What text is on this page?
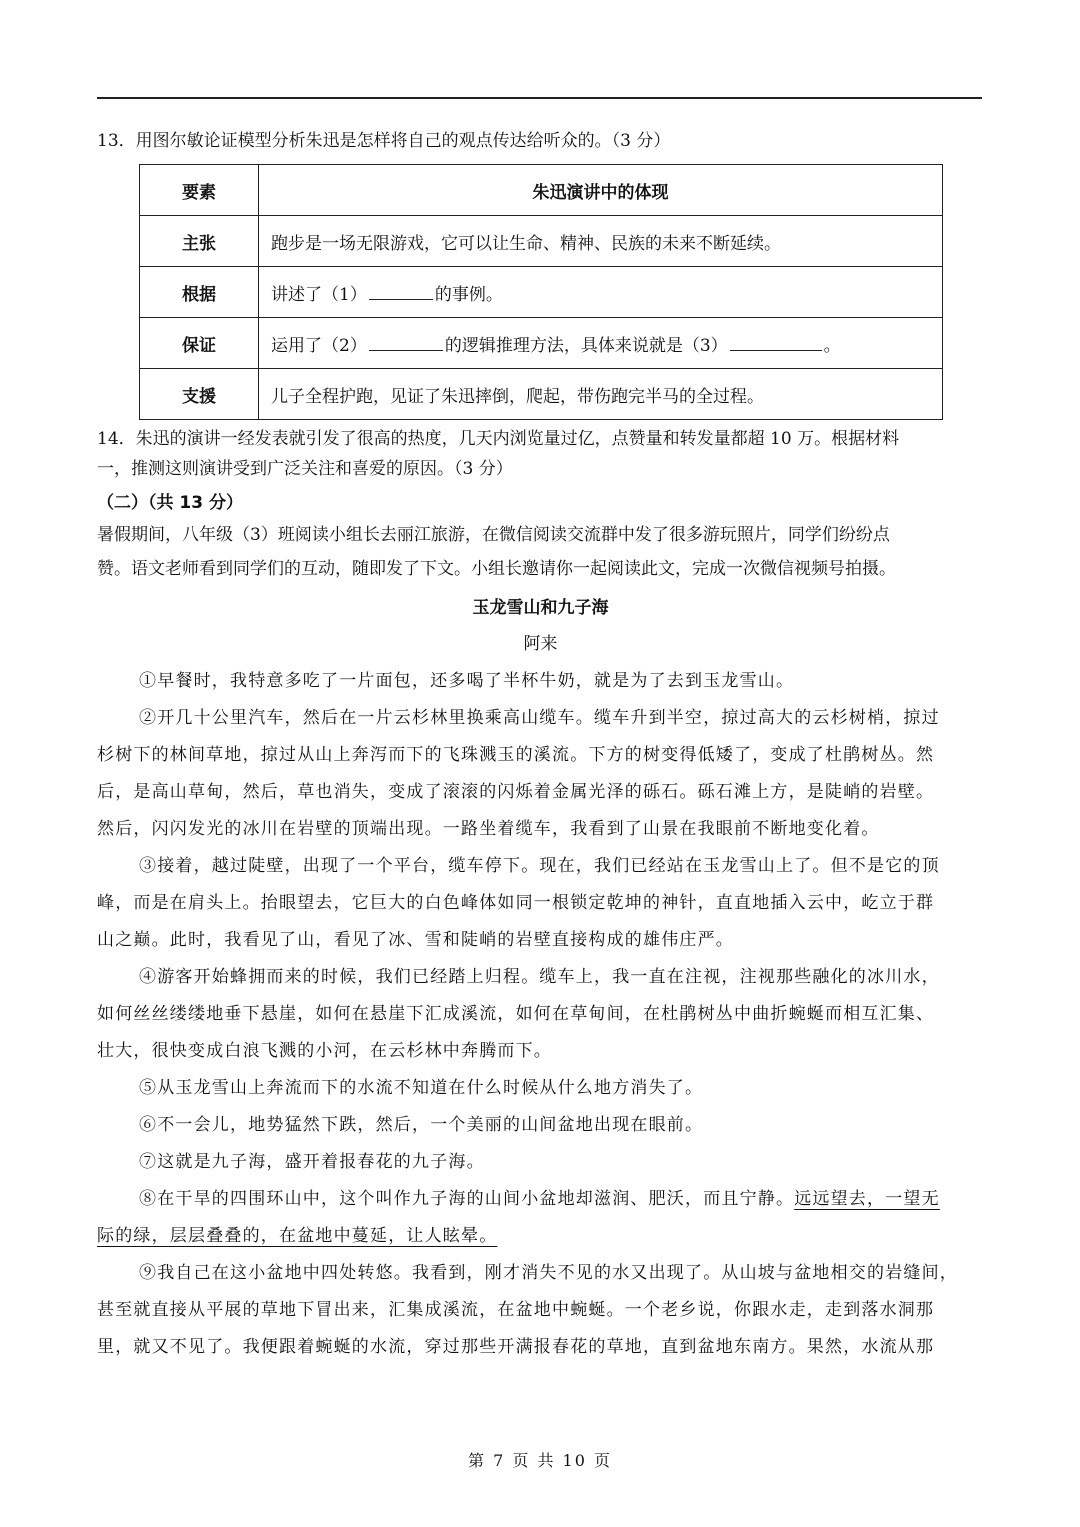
13．用图尔敏论证模型分析朱迅是怎样将自己的观点传达给听众的。（3 分）
要素	朱迅演讲中的体现
主张	跑步是一场无限游戏，它可以让生命、精神、民族的未来不断延续。
根据	讲述了（1） 的事例。
保证	运用了（2） 的逻辑推理方法，具体来说就是（3） 。
支援	儿子全程护跑，见证了朱迅摔倒，爬起，带伤跑完半马的全过程。
14．朱迅的演讲一经发表就引发了很高的热度，几天内浏览量过亿，点赞量和转发量都超 10 万。根据材料
一，推测这则演讲受到广泛关注和喜爱的原因。（3 分）
（二）（共 13 分）
暑假期间，八年级（3）班阅读小组长去丽江旅游，在微信阅读交流群中发了很多游玩照片，同学们纷纷点
赞。语文老师看到同学们的互动，随即发了下文。小组长邀请你一起阅读此文，完成一次微信视频号拍摄。
玉龙雪山和九子海
阿来
①早餐时，我特意多吃了一片面包，还多喝了半杯牛奶，就是为了去到玉龙雪山。
②开几十公里汽车，然后在一片云杉林里换乘高山缆车。缆车升到半空，掠过高大的云杉树梢，掠过
杉树下的林间草地，掠过从山上奔泻而下的飞珠溅玉的溪流。下方的树变得低矮了，变成了杜鹃树丛。然
后，是高山草甸，然后，草也消失，变成了滚滚的闪烁着金属光泽的砾石。砾石滩上方，是陡峭的岩壁。
然后，闪闪发光的冰川在岩壁的顶端出现。一路坐着缆车，我看到了山景在我眼前不断地变化着。
③接着，越过陡壁，出现了一个平台，缆车停下。现在，我们已经站在玉龙雪山上了。但不是它的顶
峰，而是在肩头上。抬眼望去，它巨大的白色峰体如同一根锁定乾坤的神针，直直地插入云中，屹立于群
山之巅。此时，我看见了山，看见了冰、雪和陡峭的岩壁直接构成的雄伟庄严。
④游客开始蜂拥而来的时候，我们已经踏上归程。缆车上，我一直在注视，注视那些融化的冰川水，
如何丝丝缕缕地垂下悬崖，如何在悬崖下汇成溪流，如何在草甸间，在杜鹃树丛中曲折蜿蜒而相互汇集、
壮大，很快变成白浪飞溅的小河，在云杉林中奔腾而下。
⑤从玉龙雪山上奔流而下的水流不知道在什么时候从什么地方消失了。
⑥不一会儿，地势猛然下跌，然后，一个美丽的山间盆地出现在眼前。
⑦这就是九子海，盛开着报春花的九子海。
⑧在干旱的四围环山中，这个叫作九子海的山间小盆地却滋润、肥沃，而且宁静。远远望去，一望无
际的绿，层层叠叠的，在盆地中蔓延，让人眩晕。
⑨我自己在这小盆地中四处转悠。我看到，刚才消失不见的水又出现了。从山坡与盆地相交的岩缝间，
甚至就直接从平展的草地下冒出来，汇集成溪流，在盆地中蜿蜒。一个老乡说，你跟水走，走到落水洞那
里，就又不见了。我便跟着蜿蜒的水流，穿过那些开满报春花的草地，直到盆地东南方。果然，水流从那
第 7 页 共 10 页
